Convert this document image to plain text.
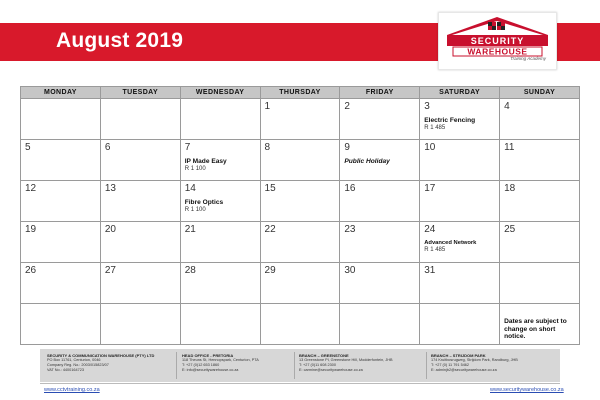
August 2019	SECURITY
WAREHOUSE
Training Academy
MONDAY	TUESDAY	WEDNESDAY	THURSDAY	FRIDAY	SATURDAY	SUNDAY

			1	2	3
Electric Fencing
R 1 485	4

5	6	7
IP Made Easy
R 1 100	8	9
Public Holiday	10	11

12	13	14
Fibre Optics
R 1 100	15	16	17	18

19	20	21	22	23	24
Advanced Network
R 1 485	25

26	27	28	29	30	31	

						Dates are subject to change on short notice.
SECURITY & COMMUNICATION WAREHOUSE (PTY) LTD
PO Box 11761, Centurion, 0046
Company Reg. No.: 2003/015823/07
VAT No.: 4400164723
HEAD OFFICE - PRETORIA
118 Theuns St, Hennopspark, Centurion, PTA
T: +27 (0)12 653 1860
E: info@securitywarehouse.co.za
BRANCH – GREENSTONE
13 Greenstone Pl, Greenstone Hill, Modderfontein, JHB
T: +27 (0)11 608 2300
E: carmine@securitywarehouse.co.za
BRANCH – STRIJDOM PARK
174 Kruitbosrugweg, Strijdom Park, Randburg, JHB
T: +27 (0) 11 791 5462
E: adminjb2@securitywarehouse.co.za
www.cctvtraining.co.za	www.securitywarehouse.co.za
